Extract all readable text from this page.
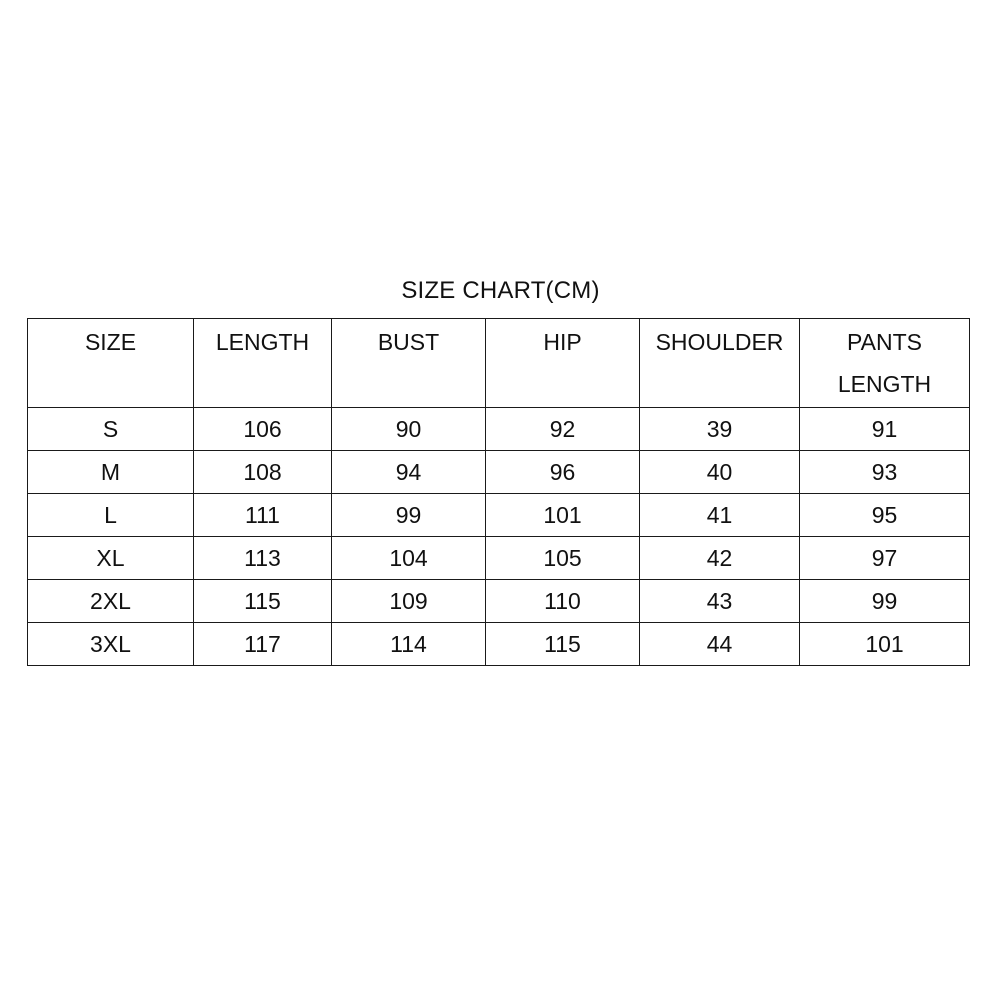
SIZE CHART(CM)
SIZE	LENGTH	BUST	HIP	SHOULDER	PANTS
LENGTH

S	106	90	92	39	91
M	108	94	96	40	93
L	111	99	101	41	95
XL	113	104	105	42	97
2XL	115	109	110	43	99
3XL	117	114	115	44	101
